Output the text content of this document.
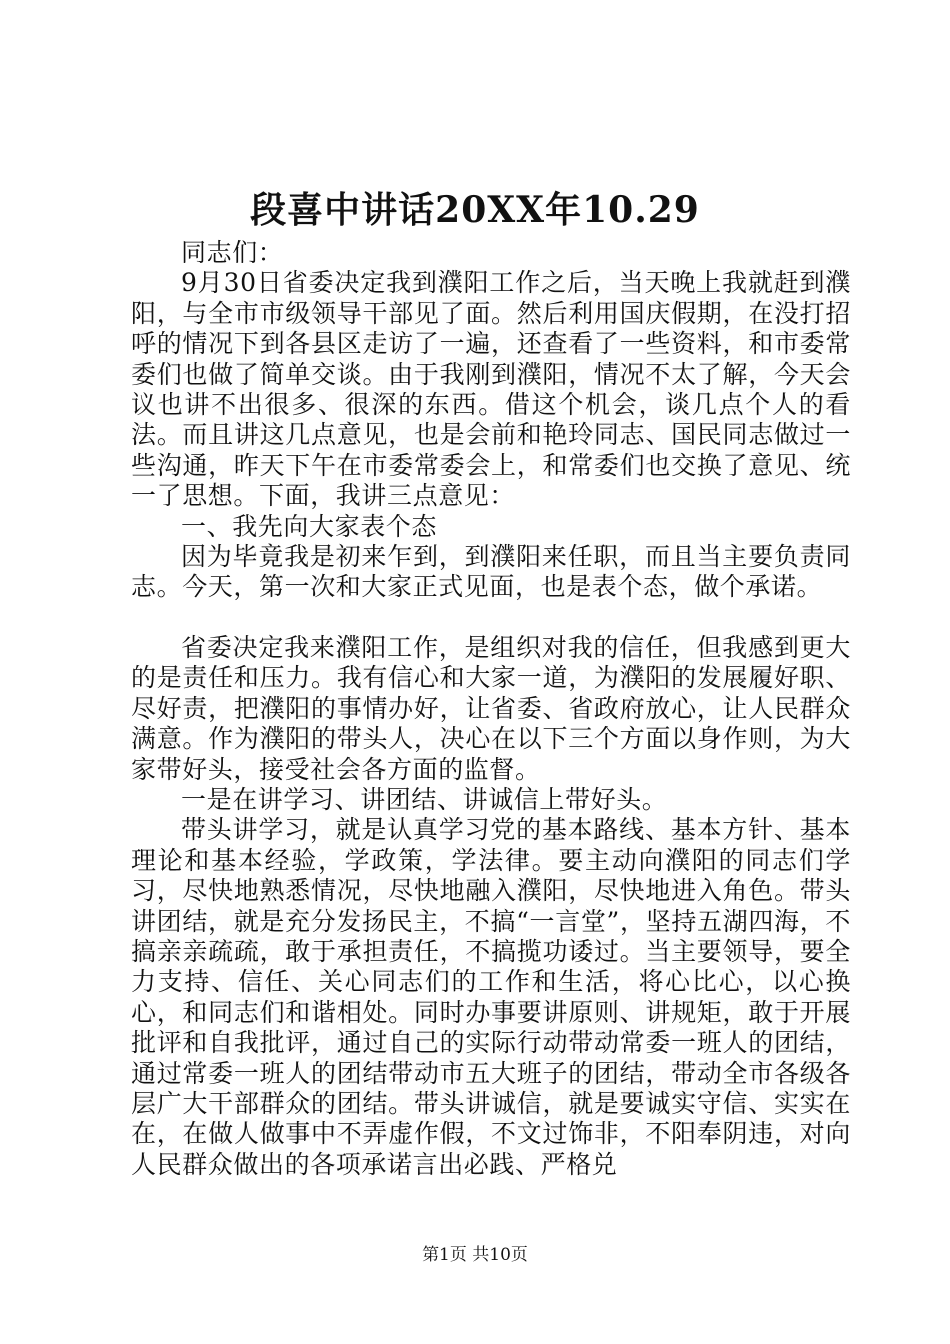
段喜中讲话20XX年10.29

同志们：

9月30日省委决定我到濮阳工作之后，当天晚上我就赶到濮阳，与全市市级领导干部见了面。然后利用国庆假期，在没打招呼的情况下到各县区走访了一遍，还查看了一些资料，和市委常委们也做了简单交谈。由于我刚到濮阳，情况不太了解，今天会议也讲不出很多、很深的东西。借这个机会，谈几点个人的看法。而且讲这几点意见，也是会前和艳玲同志、国民同志做过一些沟通，昨天下午在市委常委会上，和常委们也交换了意见、统一了思想。下面，我讲三点意见：

一、我先向大家表个态

因为毕竟我是初来乍到，到濮阳来任职，而且当主要负责同志。今天，第一次和大家正式见面，也是表个态，做个承诺。

省委决定我来濮阳工作，是组织对我的信任，但我感到更大的是责任和压力。我有信心和大家一道，为濮阳的发展履好职、尽好责，把濮阳的事情办好，让省委、省政府放心，让人民群众满意。作为濮阳的带头人，决心在以下三个方面以身作则，为大家带好头，接受社会各方面的监督。

一是在讲学习、讲团结、讲诚信上带好头。

带头讲学习，就是认真学习党的基本路线、基本方针、基本理论和基本经验，学政策，学法律。要主动向濮阳的同志们学习，尽快地熟悉情况，尽快地融入濮阳，尽快地进入角色。带头讲团结，就是充分发扬民主，不搞“一言堂”，坚持五湖四海，不搞亲亲疏疏，敢于承担责任，不搞揽功诿过。当主要领导，要全力支持、信任、关心同志们的工作和生活，将心比心，以心换心，和同志们和谐相处。同时办事要讲原则、讲规矩，敢于开展批评和自我批评，通过自己的实际行动带动常委一班人的团结，通过常委一班人的团结带动市五大班子的团结，带动全市各级各层广大干部群众的团结。带头讲诚信，就是要诚实守信、实实在在，在做人做事中不弄虚作假，不文过饰非，不阳奉阴违，对向人民群众做出的各项承诺言出必践、严格兑

第1页 共10页
